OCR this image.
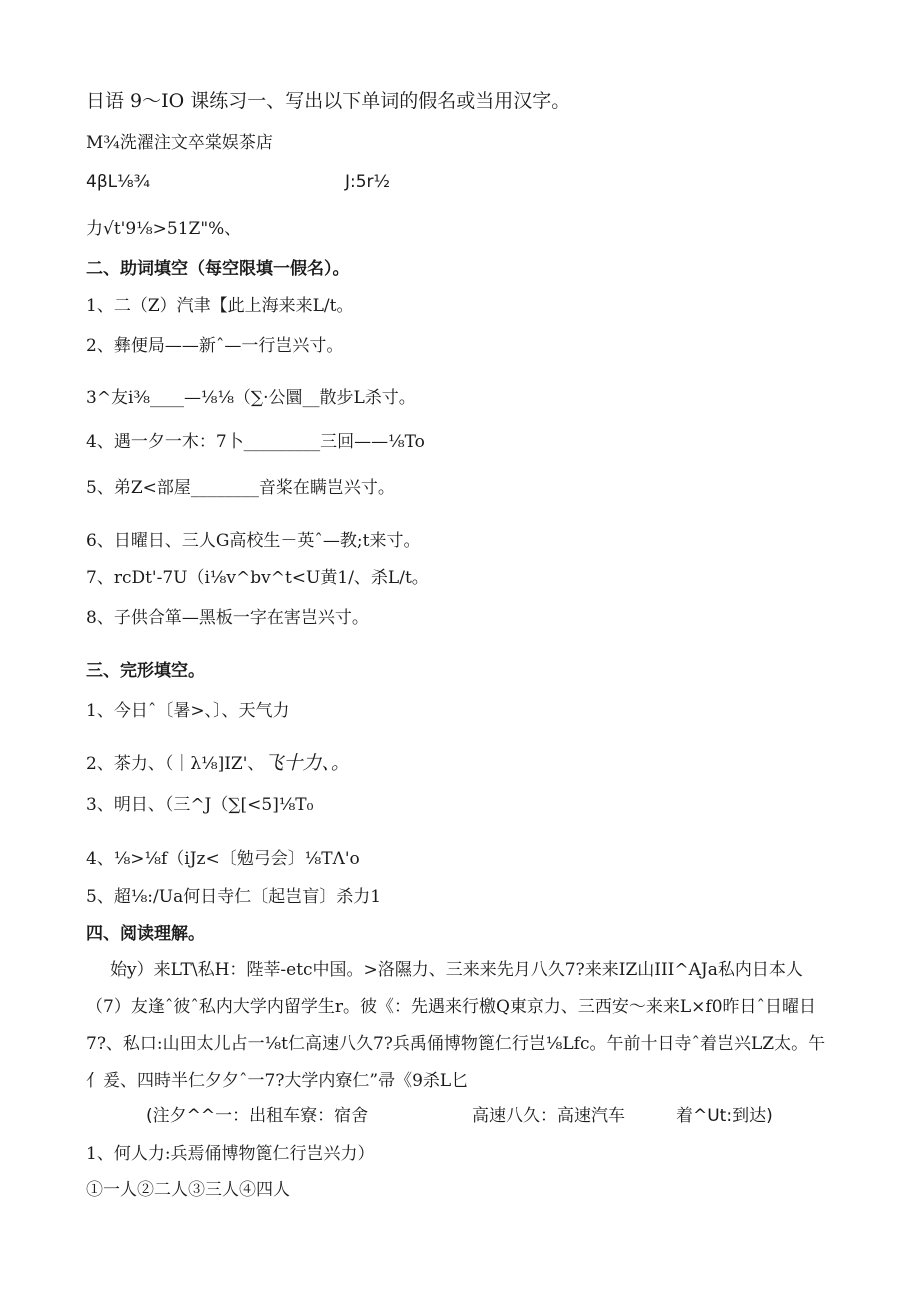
日语 9～IO 课练习一、写出以下单词的假名或当用汉字。
M¾洗濯注文卒棠娱茶店
4βL⅛¾	J:5r½
力√t'9⅛>51Z"%、
二、助词填空（每空限填一假名）。
1、二（Z）汽聿【此上海来来L/t。
2、彝便局——新ˆ—一行岂兴寸。
3^友i⅜____—⅛⅛（∑·公圜__散步L杀寸。
4、遇一夕一木：7卜_________三回——⅛To
5、弟Z<部屋________音桨在瞒岂兴寸。
6、日曜日、三人G高校生－英ˆ—教;t来寸。
7、rcDt'-7U（i⅛v^bv^t<U黄1/、杀L/t。
8、子供合箪—黑板一字在害岂兴寸。
三、完形填空。
1、今日ˆ〔暑>、〕、天气力
2、茶力、（｜λ⅛]IZ'、飞十力、。
3、明日、（三^J（∑[<5]⅛T₀
4、⅛>⅛f（iJz<〔勉弓会〕⅛TΛ'o
5、超⅛:/Ua何日寺仁〔起岂盲〕杀力1
四、阅读理解。
始y）来LT\私H：陛莘-etc中国。>洛隰力、三来来先月八久7?来来IZ山III^AJa私内日本人（7）友逢ˆ彼ˆ私内大学内留学生r。彼《：先遇来行檄Q東京力、三西安～来来L×f0昨日ˆ日曜日7?、私口:山田太儿占一⅛t仁高速八久7?兵禹俑博物篦仁行岂⅛Lfc。午前十日寺ˆ着岂兴LZ太。午亻爰、四時半仁夕夕ˆ一7?大学内寮仁”帚《9杀L匕
(注夕^^一：出租车寮：宿舍	高速八久：高速汽车	着^Ut:到达)
1、何人力:兵焉俑博物篦仁行岂兴力）
①一人②二人③三人④四人
